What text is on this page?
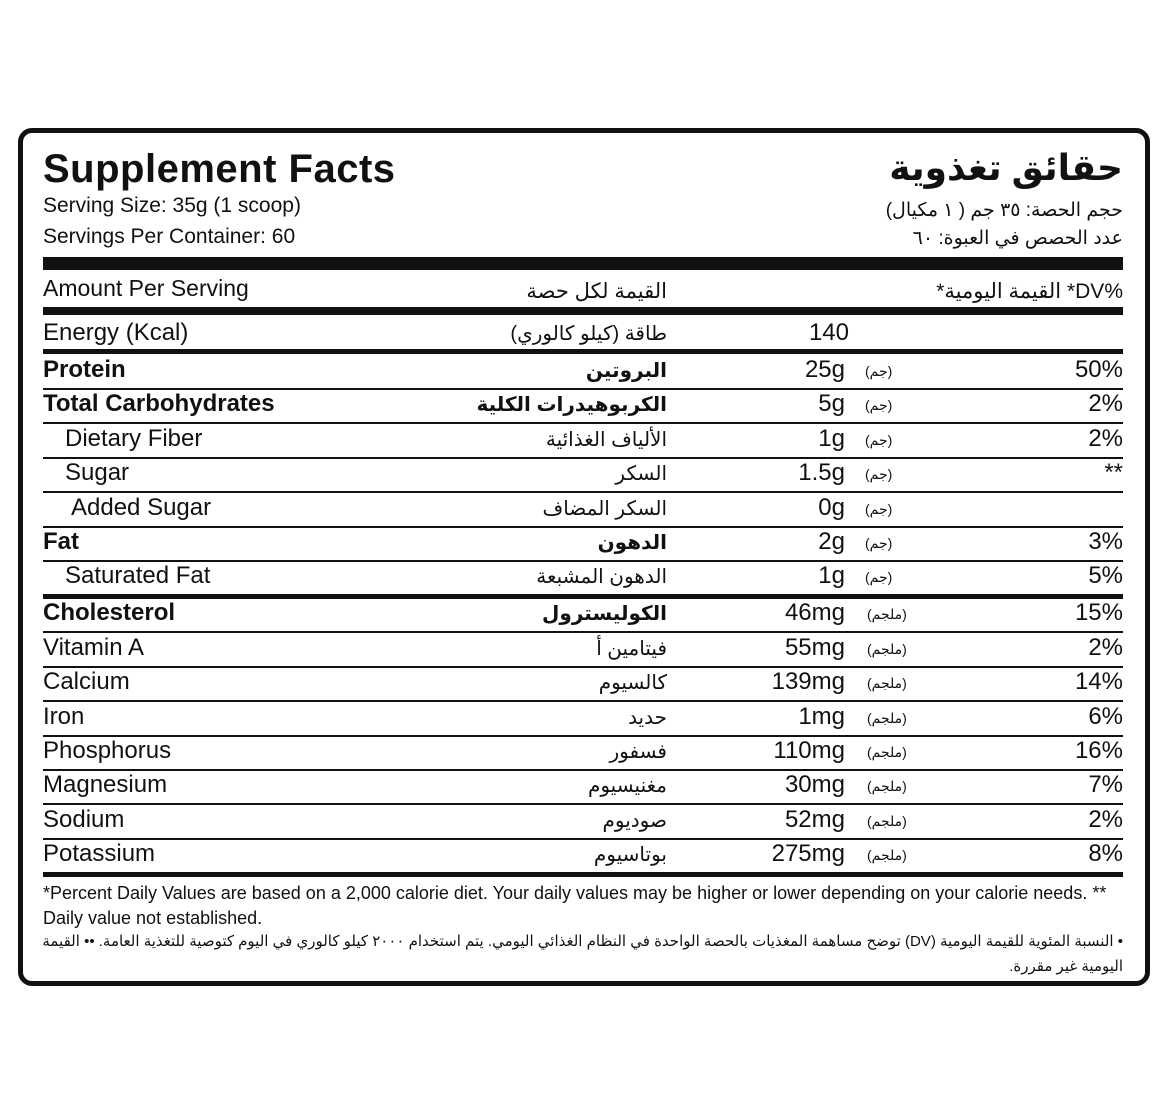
Supplement Facts	حقائق تغذوية
Serving Size: 35g (1 scoop)
Servings Per Container: 60
حجم الحصة: ٣٥ جم ( ١ مكيال)
عدد الحصص في العبوة: ٦٠
Amount Per Serving	القيمة لكل حصة	%DV* القيمة اليومية*
Energy (Kcal)	طاقة (كيلو كالوري)	140
Protein	البروتين	25g (جم)	50%
Total Carbohydrates	الكربوهيدرات الكلية	5g (جم)	2%
Dietary Fiber	الألياف الغذائية	1g (جم)	2%
Sugar	السكر	1.5g (جم)	**
Added Sugar	السكر المضاف	0g (جم)
Fat	الدهون	2g (جم)	3%
Saturated Fat	الدهون المشبعة	1g (جم)	5%
Cholesterol	الكوليسترول	46mg (ملجم)	15%
Vitamin A	فيتامين أ	55mg (ملجم)	2%
Calcium	كالسيوم	139mg (ملجم)	14%
Iron	حديد	1mg (ملجم)	6%
Phosphorus	فسفور	110mg (ملجم)	16%
Magnesium	مغنيسيوم	30mg (ملجم)	7%
Sodium	صوديوم	52mg (ملجم)	2%
Potassium	بوتاسيوم	275mg (ملجم)	8%
*Percent Daily Values are based on a 2,000 calorie diet. Your daily values may be higher or lower depending on your calorie needs. ** Daily value not established.
• النسبة المئوية للقيمة اليومية (DV) توضح مساهمة المغذيات بالحصة الواحدة في النظام الغذائي اليومي. يتم استخدام ٢٠٠٠ كيلو كالوري في اليوم كتوصية للتغذية العامة. •• القيمة اليومية غير مقررة.
